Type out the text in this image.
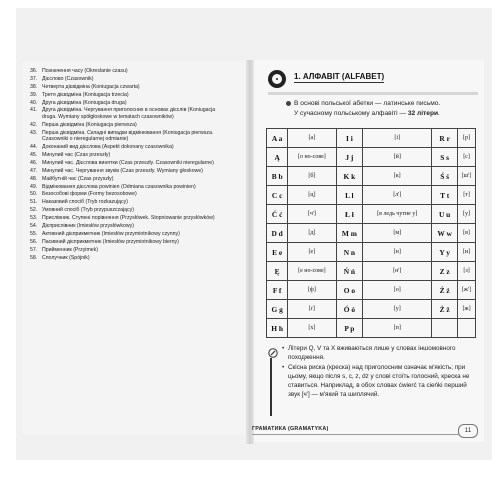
36. Позначення часу (Okreslanie czasu)
37. Дієслово (Czasownik)
38. Четверта дієвідміна (Koniugacja czwarta)
39. Третя дієвідміна (Koniugacja trzecia)
40. Друга дієвідміна (Koniugacja druga)
41. Друга дієвідміна. Чергування приголосних в основах дієслів (Koniugacja druga. Wymiany spółgłoskowe w tematach czasowników)
42. Перша дієвідміна (Koniugacja pierwsza)
43. Перша дієвідміна. Складні випадки відмінювання (Koniugacja pierwsza. Czasowniki o nieregularnej odmianie)
44. Доконаний вид дієслова (Aspekt dokonany czasownika)
45. Минулий час (Czas przeszły)
46. Минулий час. Дієслова винятки (Czas przeszły. Czasowniki nieregularne)
47. Минулий час. Чергування звуків (Czas przeszły. Wymiany głoskowe)
48. Майбутній час (Czas przyszły)
49. Відмінювання дієслова powinien (Odmiana czasownika powinien)
50. Безособові форми (Formy bezosobowe)
51. Наказовий спосіб (Tryb rozkazujący)
52. Умовний спосіб (Tryb przypuszczający)
53. Прислівник. Ступені порівняння (Przysłówek. Stopniowanie przysłówków)
54. Дієприслівник (Imiesłów przysłówkowy)
55. Активний дієприкметник (Imiesłów przymiotnikowy czynny)
56. Пасивний дієприкметник (Imiesłów przymiotnikowy bierny)
57. Прийменник (Przyimek)
58. Сполучник (Spójnik)
1. АЛФАВІТ (ALFABET)
В основі польської абетки — латинське письмо.
У сучасному польському алфавіті — 32 літери.
A a	[а]	I i	[і]	R r	[р]
Ą	[о но-сове]	J j	[й]	S s	[с]
B b	[б]	K k	[к]	Ś ś	[ш']
C c	[ц]	L l	[л']	T t	[т]
Ć ć	[ч']	Ł ł	[в ледь чутне у]	U u	[у]
D d	[д]	M m	[м]	W w	[в]
E e	[е]	N n	[н]	Y y	[и]
Ę	[е но-сове]	Ń ń	[н']	Z z	[з]
F f	[ф]	O o	[о]	Ź ź	[ж']
G g	[ґ]	Ó ó	[у]	Ż ż	[ж]
H h	[х]	P p	[п]		
• Літери Q, V та X вживаються лише у словах іншомовного походження.
• Скісна риска (креска) над приголосним означає м'якість; при цьому, якщо після s, c, z, dz у слові стоїть голосний, креска не ставиться. Наприклад, в обох словах ćwierć та cieńki перший звук [ч'] — м'який та шиплячий.
ГРАМАТИКА (GRAMATYKA)	11
